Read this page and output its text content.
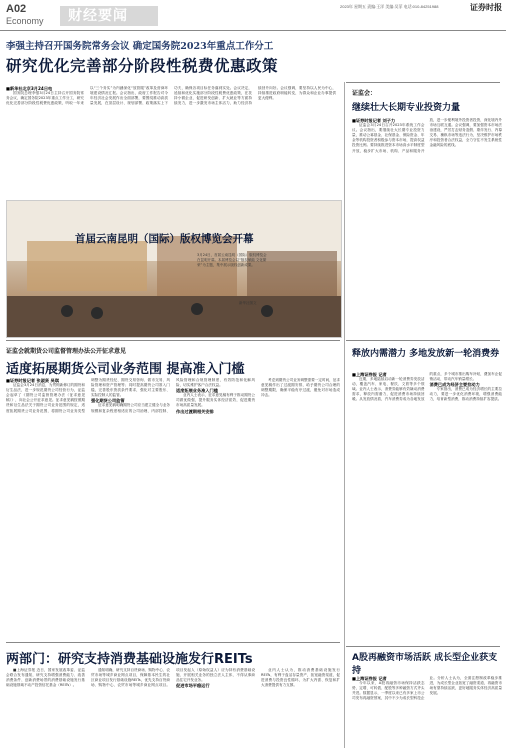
A02
Economy	财经要闻
2023年 星期五 责编:王洋 美编:吴菲 电话:010-84251988	证券时报
李强主持召开国务院常务会议 确定国务院2023年重点工作分工
研究优化完善部分阶段性税费优惠政策
■新华社北京3月24日电

国务院总理李强3月24日主持召开国务院常务会议，确定国务院2023年重点工作分工，研究优化完善部分阶段性税费优惠政策，听取一年来以“三个务实”为内涵深化“放管服”改革及营商环境建设情况汇报。会议指出，政府工作报告对今年经济社会发展作出全面部署，要围绕推动高质量发展，在顶层设计、规划部署、政策落实上下功夫，确保各项目标任务落到实处。会议决定，延续和优化实施部分阶段性税费优惠政策，在扶持小微企业、促进研发创新、扩大就业等方面持续发力，进一步激发市场主体活力，助力经济持续回升向好。会议强调，要坚持以人民为中心，持续推进政府职能转变，为群众和企业办事提供更大便利。

首届云南昆明（国际）版权博览会开幕
3月24日，首届云南昆明（国际）版权博览会在昆明开幕。本届博览会以“版权赋能 文化繁荣”为主题，集中展示版权创新成果。
新华社图文
证监会：
继续壮大长期专业投资力量
■证券时报记者 刘子力

证监会3月24日召开2023年系统工作会议。会议指出，要继续壮大长期专业投资力量，推动公募基金、社保基金、保险资金、年金等机构投资者积极参与资本市场，提高权益投资比例。要持续推进资本市场高水平制度型开放，稳步扩大市场、机构、产品和服务开放，进一步便利境外投资者投资，深化境内外市场互联互通。会议强调，要加强资本市场法治建设，严厉打击财务造假、欺诈发行、内幕交易、操纵市场等违法行为，坚决维护市场秩序和投资者合法权益，全力守住不发生系统性金融风险的底线。

证监会就期货公司监督管理办法公开征求意见
适度拓展期货公司业务范围 提高准入门槛
■证券时报记者 张淑贤 吴琪

证监会3月24日消息，为贯彻新修订的期货和衍生品法，进一步规范期货公司经营行为，证监会起草了《期货公司监督管理办法（征求意见稿）》，向社会公开征求意见。征求意见稿按照期货和衍生品法关于期货公司业务范围的规定，适度拓展期货公司业务范围，将期货公司业务类型调整为期货经纪、期货交易咨询、做市交易、风险管理和资产管理等；同时提高期货公司准入门槛，完善股东资质条件要求，强化对主要股东、实际控制人的监管。

强化期货公司监管

征求意见稿明确期货公司应当建立健全与业务规模和复杂程度相适应的公司治理、内部控制、风险管理和合规管理制度，有效防范和化解风险，切实维护客户合法权益。

适度拓展业务准入门槛

业内人士表示，征求意见稿有利于推动期货公司做优做强，提升服务实体经济质效，促进期货市场高质量发展。

作出过渡期相关安排

考虑到期货公司业务调整需要一定时间，征求意见稿作出了过渡期安排，给予期货公司合理的调整期限，确保平稳有序过渡，避免对市场造成冲击。

两部门：研究支持消费基础设施发行REITs

■上海证券报 近日，国家发展改革委、证监会联合发布通知，研究支持增强消费能力、改善消费条件、创新消费场景的消费基础设施发行基础设施领域不动产投资信托基金（REITs）。

通知明确，研究支持百货商场、购物中心、农贸市场等城乡商业网点项目，保障基本民生的社区商业项目发行基础设施REITs，优先支持百货商场、购物中心、农贸市场等城乡商业网点项目。项目发起人（原始权益人）应为持有消费基础设施、开展相关业务的独立法人主体，不得从事商品住宅开发业务。

促进市场平稳运行

业内人士认为，推动消费基础设施发行REITs，有利于盘活存量资产，拓宽融资渠道，促进消费与投资良性循环，为扩大内需、恢复和扩大消费提供有力支撑。

释放内需潜力 多地发放新一轮消费券
■上海证券报 记者

近期，多地陆续启动新一轮消费券发放活动，覆盖汽车、家电、餐饮、文旅等多个领域。业内人士表示，消费券能够有效撬动消费需求，释放内需潜力，促进消费市场持续回暖。从发放情况看，汽车消费券成为各地发放的重点，多个城市推出购车补贴，叠加车企促销活动，带动汽车销量增长。

消费已成为经济主要拉动力

专家指出，消费已成为经济增长的主要拉动力，要进一步优化消费环境，增强消费能力，培育新型消费，推动消费持续扩容提质。

A股再融资市场活跃 成长型企业获支持
■上海证券报 记者

今年以来，A股再融资市场保持活跃态势，定增、可转债、配股等多种融资方式齐头并进。数据显示，一季度以来已有多家上市公司发布再融资预案，其中不少为成长型科技企业。分析人士认为，全面注册制改革稳步推进，为成长型企业拓宽了融资渠道，再融资市场有望持续活跃，更好地服务实体经济高质量发展。
